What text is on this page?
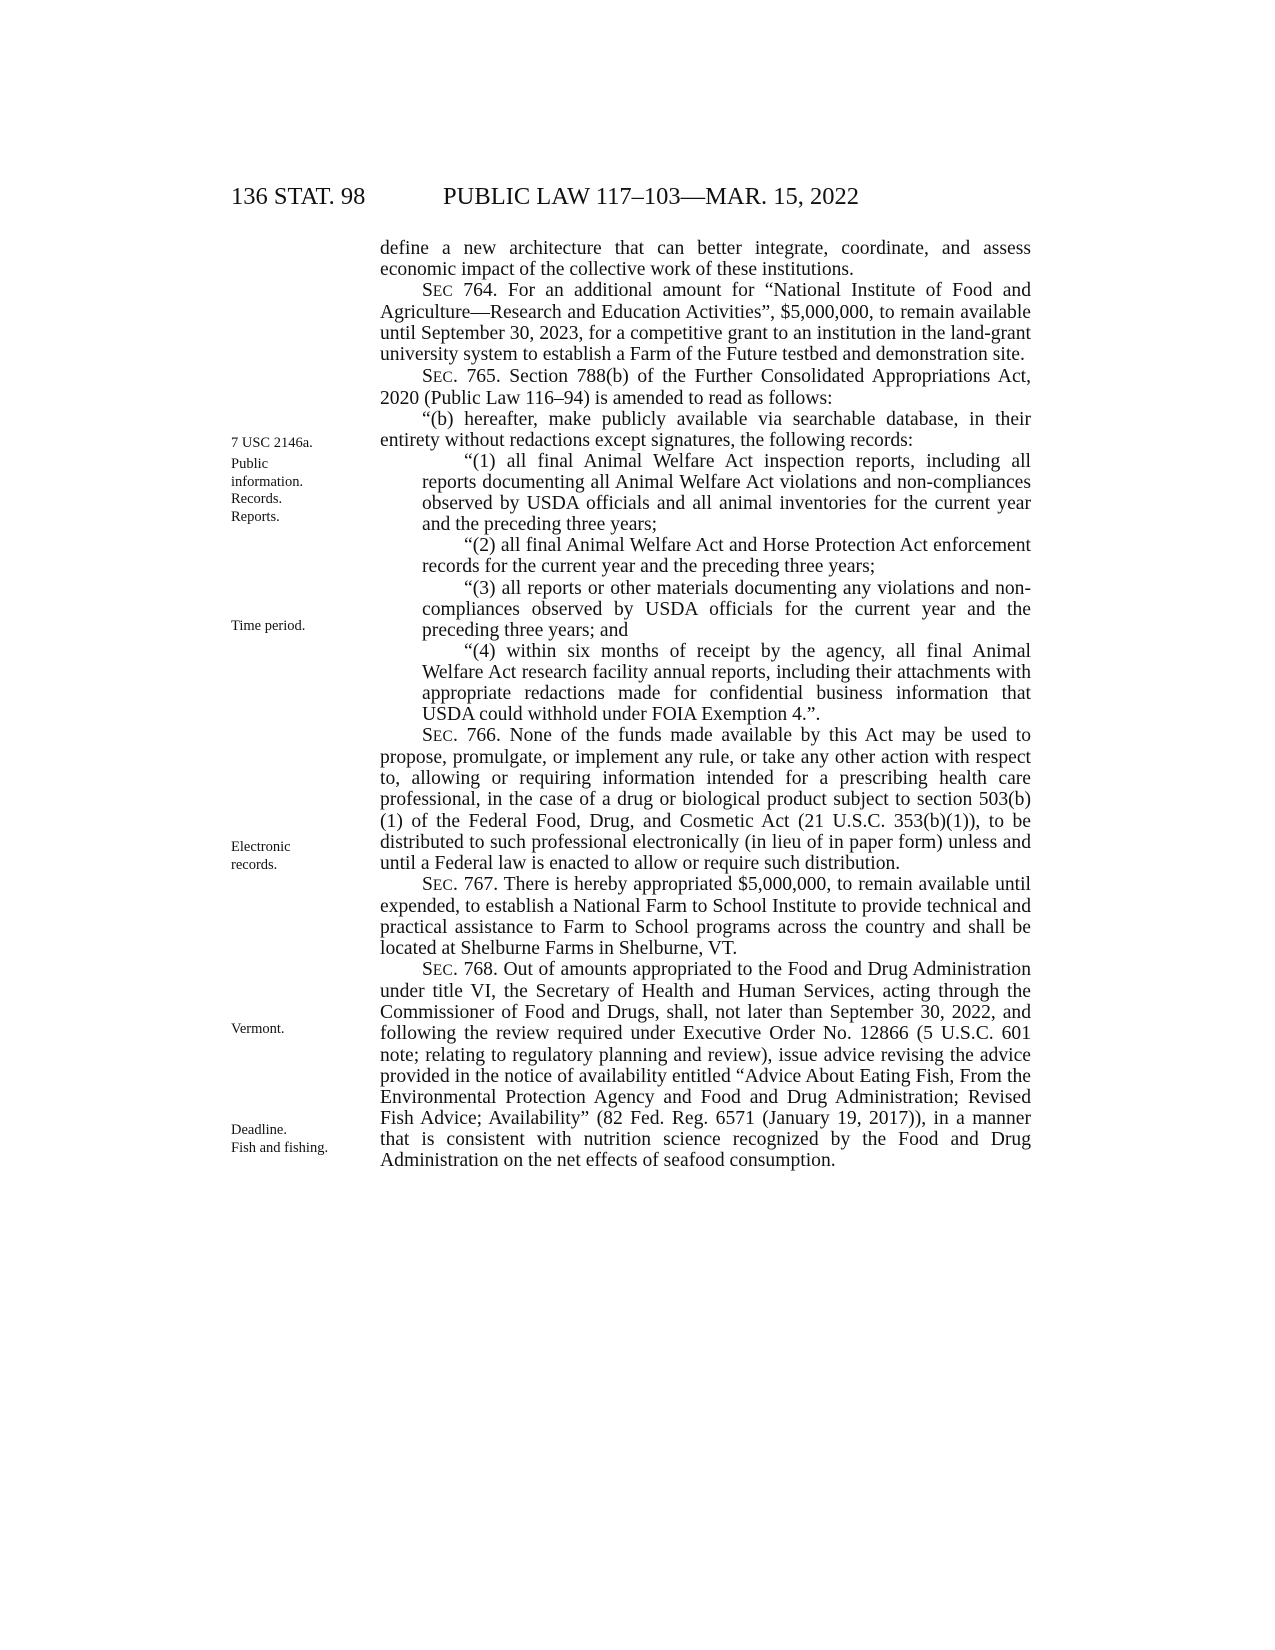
136 STAT. 98	PUBLIC LAW 117–103—MAR. 15, 2022
7 USC 2146a.
Public
information.
Records.
Reports.
Time period.
Electronic
records.
Vermont.
Deadline.
Fish and fishing.

define a new architecture that can better integrate, coordinate, and assess economic impact of the collective work of these institutions.

SEC 764. For an additional amount for “National Institute of Food and Agriculture—Research and Education Activities”, $5,000,000, to remain available until September 30, 2023, for a competitive grant to an institution in the land-grant university system to establish a Farm of the Future testbed and demonstration site.

SEC. 765. Section 788(b) of the Further Consolidated Appropriations Act, 2020 (Public Law 116–94) is amended to read as follows:

“(b) hereafter, make publicly available via searchable database, in their entirety without redactions except signatures, the following records:

“(1) all final Animal Welfare Act inspection reports, including all reports documenting all Animal Welfare Act violations and non-compliances observed by USDA officials and all animal inventories for the current year and the preceding three years;

“(2) all final Animal Welfare Act and Horse Protection Act enforcement records for the current year and the preceding three years;

“(3) all reports or other materials documenting any violations and non-compliances observed by USDA officials for the current year and the preceding three years; and

“(4) within six months of receipt by the agency, all final Animal Welfare Act research facility annual reports, including their attachments with appropriate redactions made for confidential business information that USDA could withhold under FOIA Exemption 4.”.

SEC. 766. None of the funds made available by this Act may be used to propose, promulgate, or implement any rule, or take any other action with respect to, allowing or requiring information intended for a prescribing health care professional, in the case of a drug or biological product subject to section 503(b)(1) of the Federal Food, Drug, and Cosmetic Act (21 U.S.C. 353(b)(1)), to be distributed to such professional electronically (in lieu of in paper form) unless and until a Federal law is enacted to allow or require such distribution.

SEC. 767. There is hereby appropriated $5,000,000, to remain available until expended, to establish a National Farm to School Institute to provide technical and practical assistance to Farm to School programs across the country and shall be located at Shelburne Farms in Shelburne, VT.

SEC. 768. Out of amounts appropriated to the Food and Drug Administration under title VI, the Secretary of Health and Human Services, acting through the Commissioner of Food and Drugs, shall, not later than September 30, 2022, and following the review required under Executive Order No. 12866 (5 U.S.C. 601 note; relating to regulatory planning and review), issue advice revising the advice provided in the notice of availability entitled “Advice About Eating Fish, From the Environmental Protection Agency and Food and Drug Administration; Revised Fish Advice; Availability” (82 Fed. Reg. 6571 (January 19, 2017)), in a manner that is consistent with nutrition science recognized by the Food and Drug Administration on the net effects of seafood consumption.
